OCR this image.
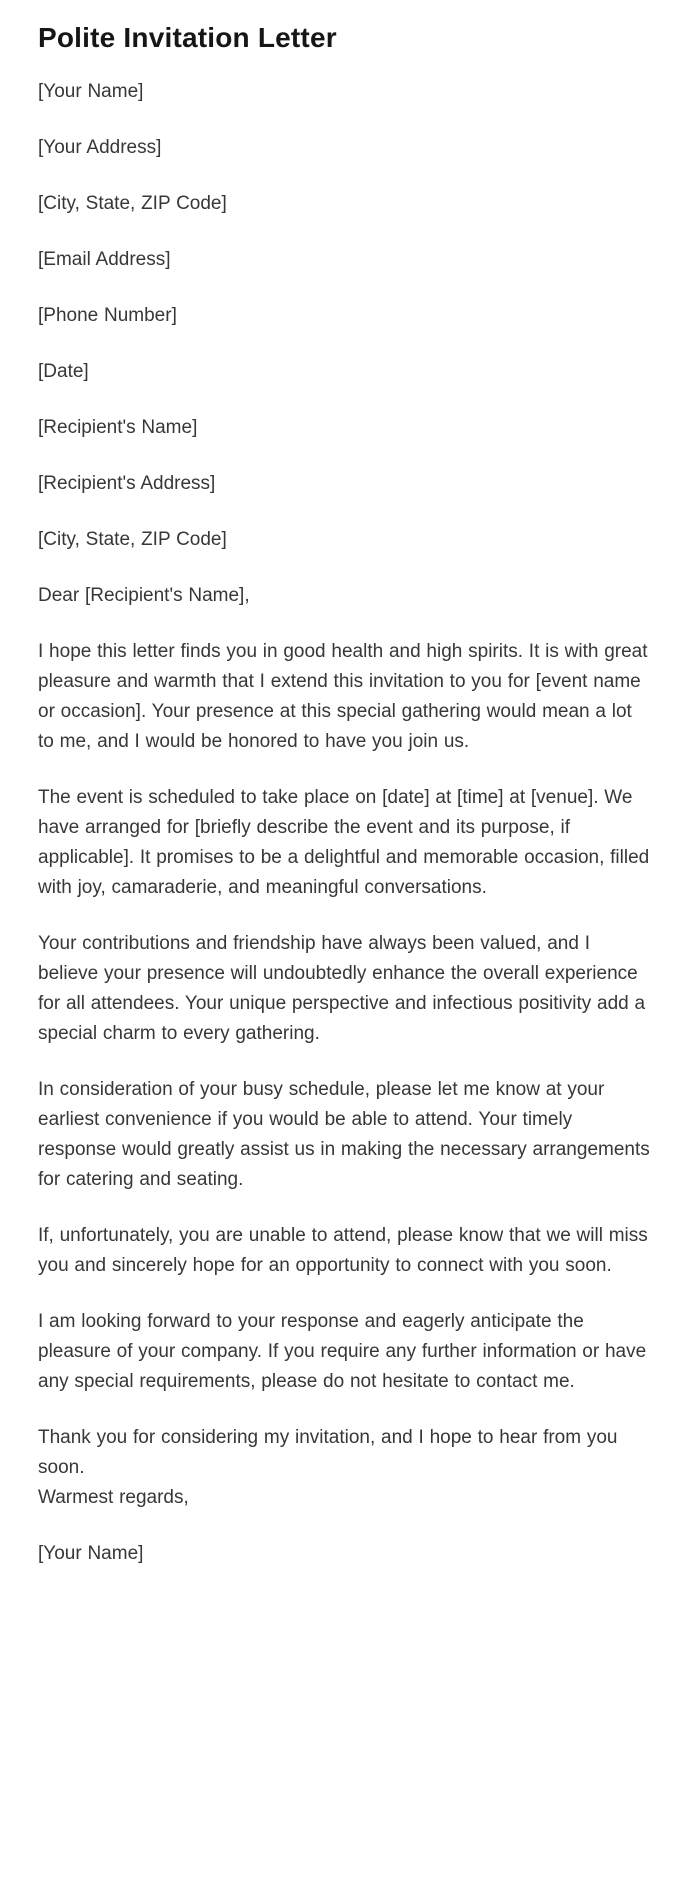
Polite Invitation Letter

[Your Name]

[Your Address]

[City, State, ZIP Code]

[Email Address]

[Phone Number]

[Date]

[Recipient's Name]

[Recipient's Address]

[City, State, ZIP Code]

Dear [Recipient's Name],

I hope this letter finds you in good health and high spirits. It is with great pleasure and warmth that I extend this invitation to you for [event name or occasion]. Your presence at this special gathering would mean a lot to me, and I would be honored to have you join us.

The event is scheduled to take place on [date] at [time] at [venue]. We have arranged for [briefly describe the event and its purpose, if applicable]. It promises to be a delightful and memorable occasion, filled with joy, camaraderie, and meaningful conversations.

Your contributions and friendship have always been valued, and I believe your presence will undoubtedly enhance the overall experience for all attendees. Your unique perspective and infectious positivity add a special charm to every gathering.

In consideration of your busy schedule, please let me know at your earliest convenience if you would be able to attend. Your timely response would greatly assist us in making the necessary arrangements for catering and seating.

If, unfortunately, you are unable to attend, please know that we will miss you and sincerely hope for an opportunity to connect with you soon.

I am looking forward to your response and eagerly anticipate the pleasure of your company. If you require any further information or have any special requirements, please do not hesitate to contact me.

Thank you for considering my invitation, and I hope to hear from you soon.

Warmest regards,

[Your Name]
